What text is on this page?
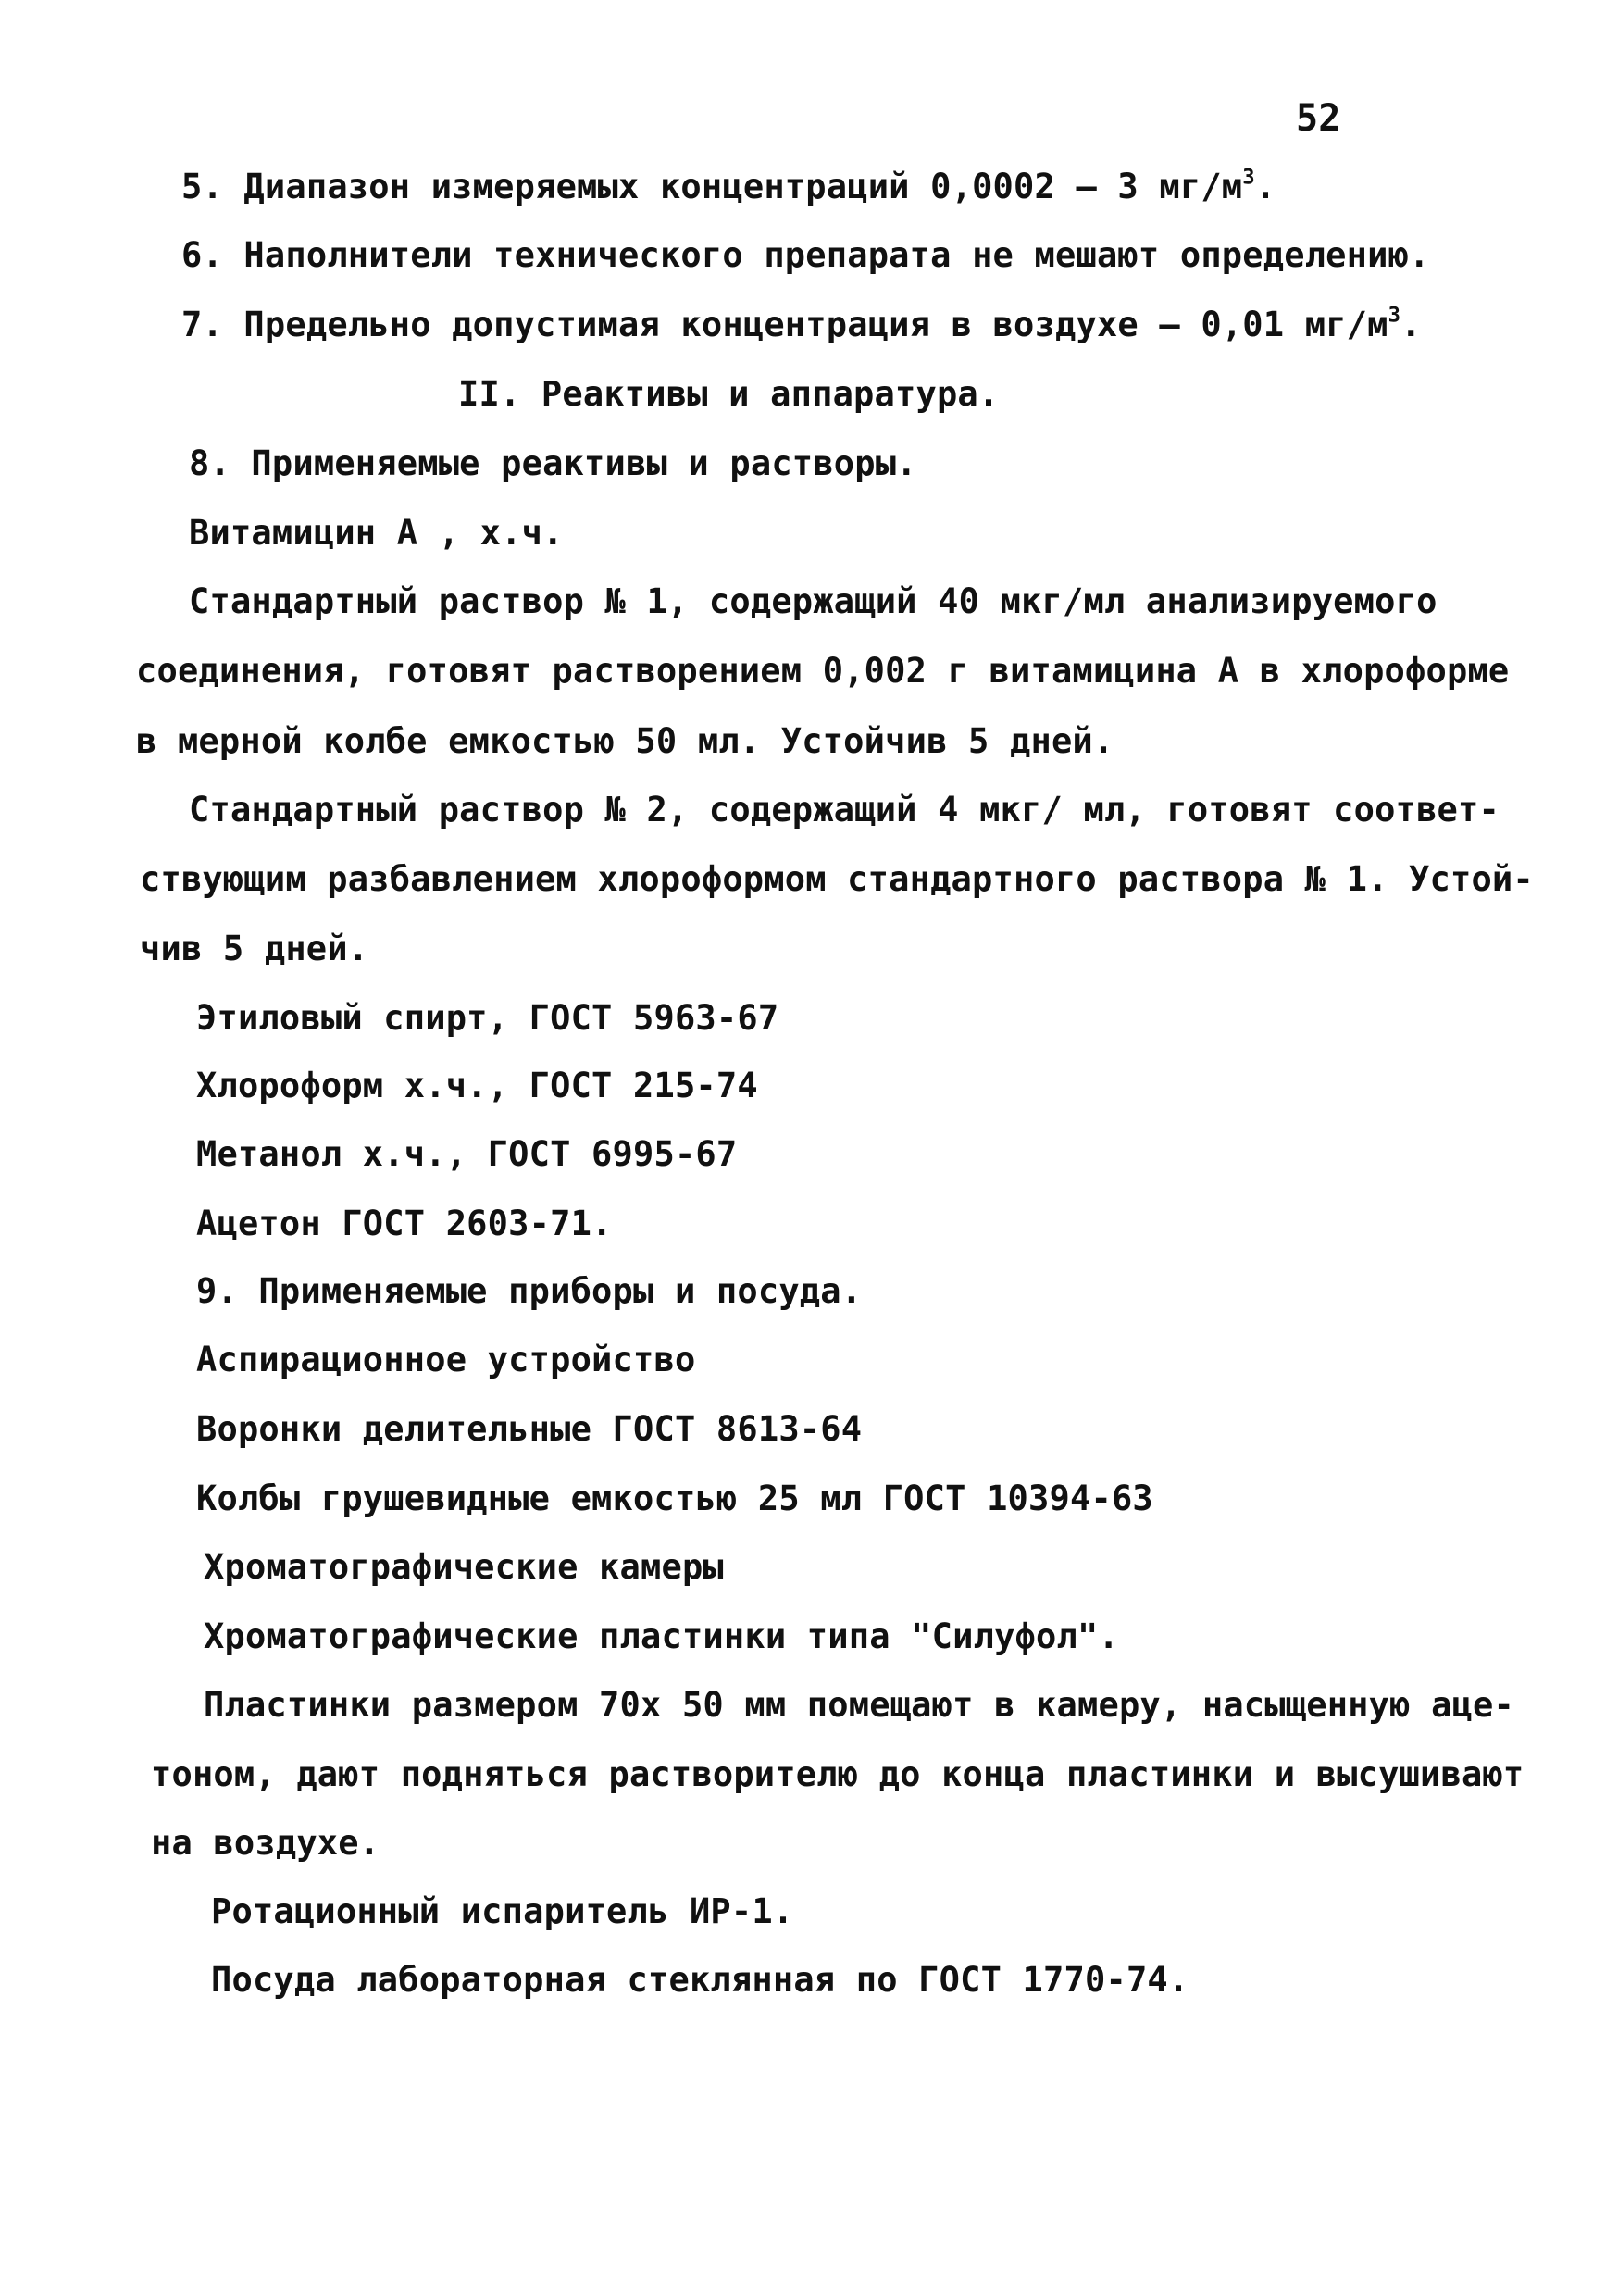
52
5. Диапазон измеряемых концентраций 0,0002 – 3 $мг/м^3$.
6. Наполнители технического препарата не мешают определению.
7. Предельно допустимая концентрация в воздухе – 0,01 $мг/м^3$.
II. Реактивы и аппаратура.
8. Применяемые реактивы и растворы.
Витамицин А , х.ч.
Стандартный раствор № 1, содержащий 40 мкг/мл анализируемого
соединения, готовят растворением 0,002 г витамицина А в хлороформе
в мерной колбе емкостью 50 мл. Устойчив 5 дней.
Стандартный раствор № 2, содержащий 4 мкг/ мл, готовят соответ-
ствующим разбавлением хлороформом стандартного раствора № 1. Устой-
чив 5 дней.
Этиловый спирт, ГОСТ 5963-67
Хлороформ х.ч., ГОСТ 215-74
Метанол х.ч., ГОСТ 6995-67
Ацетон ГОСТ 2603-71.
9. Применяемые приборы и посуда.
Аспирационное устройство
Воронки делительные ГОСТ 8613-64
Колбы грушевидные емкостью 25 мл ГОСТ 10394-63
Хроматографические камеры
Хроматографические пластинки типа "Силуфол".
Пластинки размером 70х 50 мм помещают в камеру, насыщенную аце-
тоном, дают подняться растворителю до конца пластинки и высушивают
на воздухе.
Ротационный испаритель ИР-1.
Посуда лабораторная стеклянная по ГОСТ 1770-74.
